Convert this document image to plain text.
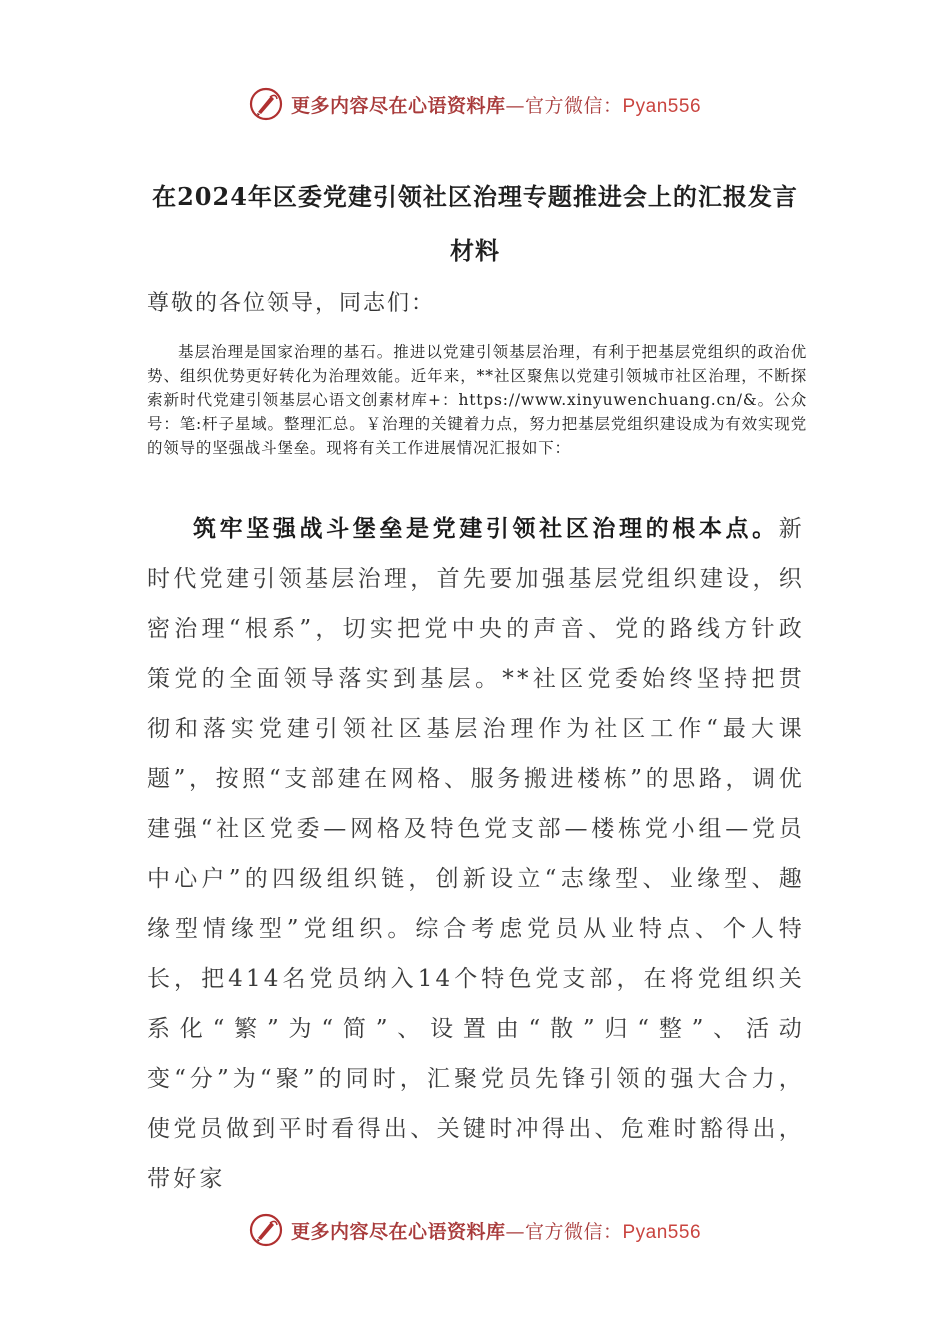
更多内容尽在心语资料库—官方微信：Pyan556
在2024年区委党建引领社区治理专题推进会上的汇报发言材料
尊敬的各位领导，同志们：

基层治理是国家治理的基石。推进以党建引领基层治理，有利于把基层党组织的政治优势、组织优势更好转化为治理效能。近年来，**社区聚焦以党建引领城市社区治理，不断探索新时代党建引领基层心语文创素材库+：https://www.xinyuwenchuang.cn/&。公众号：笔:杆子星域。整理汇总。￥治理的关键着力点，努力把基层党组织建设成为有效实现党的领导的坚强战斗堡垒。现将有关工作进展情况汇报如下：

筑牢坚强战斗堡垒是党建引领社区治理的根本点。新时代党建引领基层治理，首先要加强基层党组织建设，织密治理“根系”，切实把党中央的声音、党的路线方针政策党的全面领导落实到基层。**社区党委始终坚持把贯彻和落实党建引领社区基层治理作为社区工作“最大课题”，按照“支部建在网格、服务搬进楼栋”的思路，调优建强“社区党委—网格及特色党支部—楼栋党小组—党员中心户”的四级组织链，创新设立“志缘型、业缘型、趣缘型情缘型”党组织。综合考虑党员从业特点、个人特长，把414名党员纳入14个特色党支部，在将党组织关系化“繁”为“简”、设置由“散”归“整”、活动变“分”为“聚”的同时，汇聚党员先锋引领的强大合力，使党员做到平时看得出、关键时冲得出、危难时豁得出，带好家

更多内容尽在心语资料库—官方微信：Pyan556
